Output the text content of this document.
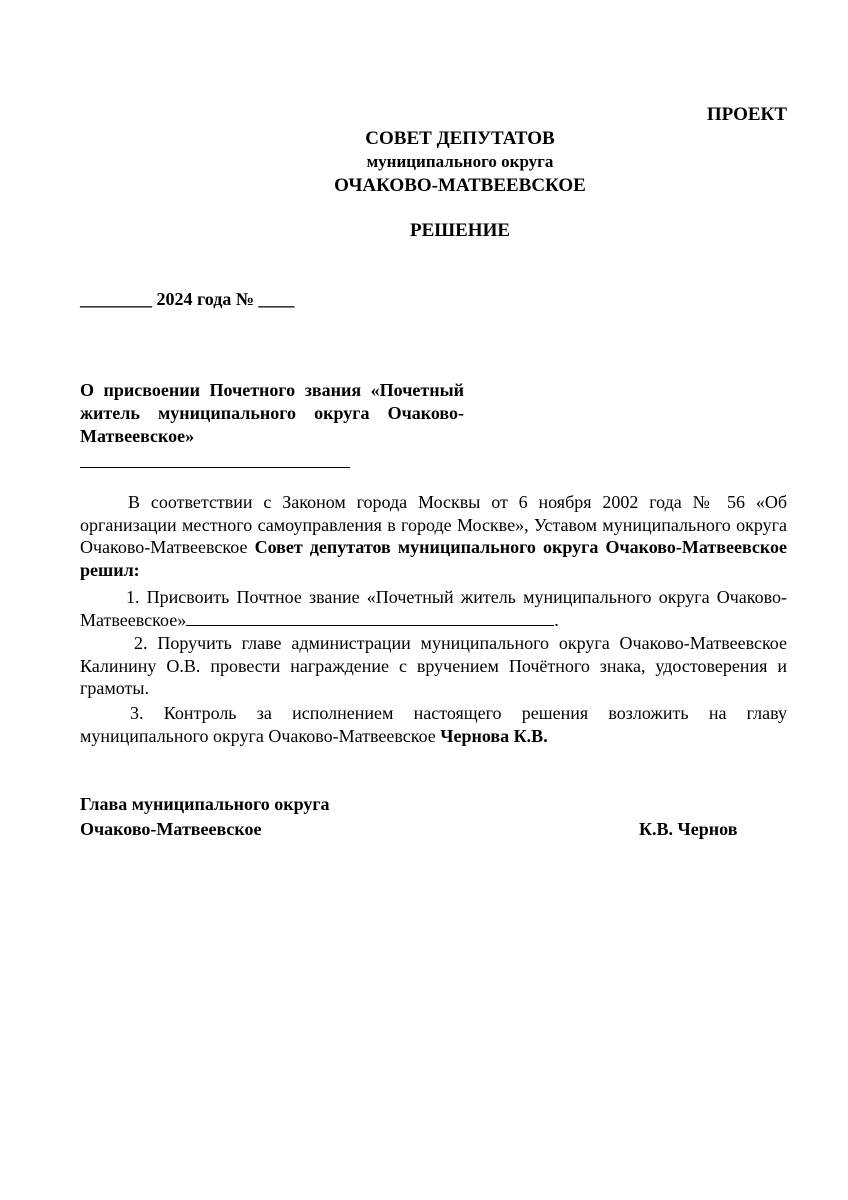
ПРОЕКТ
СОВЕТ ДЕПУТАТОВ
муниципального округа
ОЧАКОВО-МАТВЕЕВСКОЕ
РЕШЕНИЕ
________ 2024 года № ____
О присвоении Почетного звания «Почетный житель муниципального округа Очаково-Матвеевское»

В соответствии с Законом города Москвы от 6 ноября 2002 года № 56 «Об организации местного самоуправления в городе Москве», Уставом муниципального округа Очаково-Матвеевское Совет депутатов муниципального округа Очаково-Матвеевское решил:

1. Присвоить Почтное звание «Почетный житель муниципального округа Очаково-Матвеевское»	.

2. Поручить главе администрации муниципального округа Очаково-Матвеевское Калинину О.В. провести награждение с вручением Почётного знака, удостоверения и грамоты.

3. Контроль за исполнением настоящего решения возложить на главу муниципального округа Очаково-Матвеевское Чернова К.В.

Глава муниципального округа
Очаково-Матвеевское	К.В. Чернов
